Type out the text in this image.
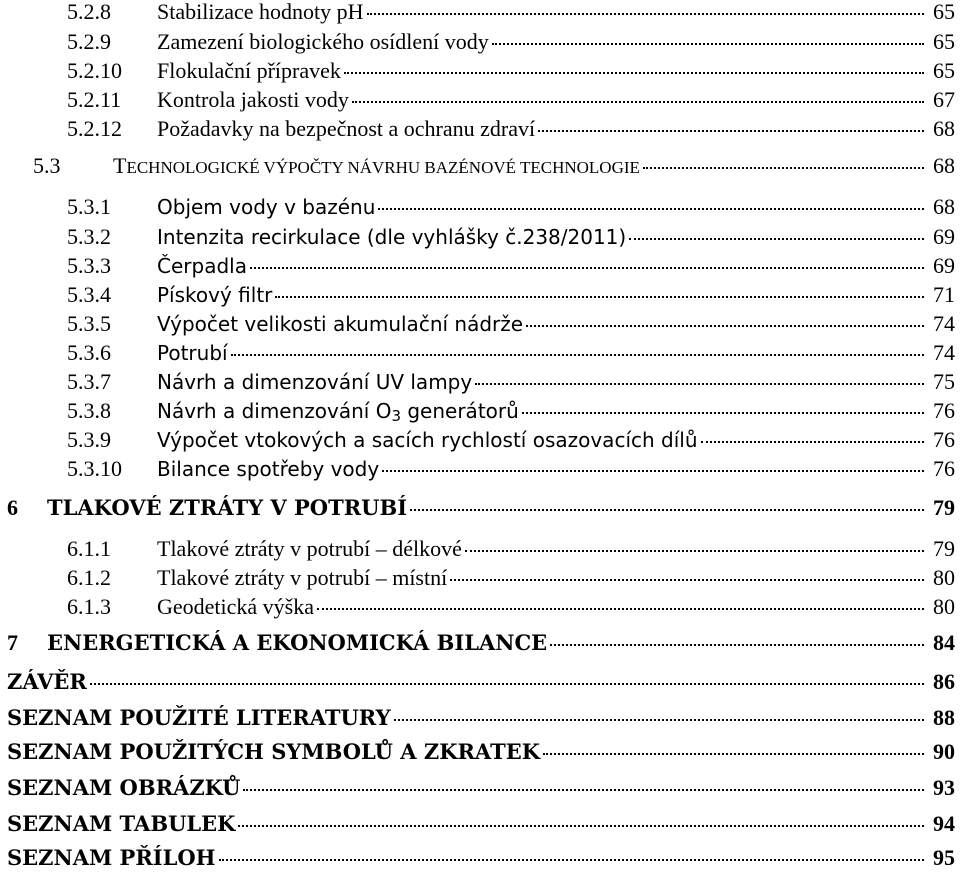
5.2.8	Stabilizace hodnoty pH	65
5.2.9	Zamezení biologického osídlení vody	65
5.2.10	Flokulační přípravek	65
5.2.11	Kontrola jakosti vody	67
5.2.12	Požadavky na bezpečnost a ochranu zdraví	68
5.3	TECHNOLOGICKÉ VÝPOČTY NÁVRHU BAZÉNOVÉ TECHNOLOGIE	68
5.3.1	Objem vody v bazénu	68
5.3.2	Intenzita recirkulace (dle vyhlášky č.238/2011)	69
5.3.3	Čerpadla	69
5.3.4	Pískový filtr	71
5.3.5	Výpočet velikosti akumulační nádrže	74
5.3.6	Potrubí	74
5.3.7	Návrh a dimenzování UV lampy	75
5.3.8	Návrh a dimenzování $O_3$ generátorů	76
5.3.9	Výpočet vtokových a sacích rychlostí osazovacích dílů	76
5.3.10	Bilance spotřeby vody	76
6	TLAKOVÉ ZTRÁTY V POTRUBÍ	79
6.1.1	Tlakové ztráty v potrubí – délkové	79
6.1.2	Tlakové ztráty v potrubí – místní	80
6.1.3	Geodetická výška	80
7	ENERGETICKÁ A EKONOMICKÁ BILANCE	84
ZÁVĚR	86
SEZNAM POUŽITÉ LITERATURY	88
SEZNAM POUŽITÝCH SYMBOLŮ A ZKRATEK	90
SEZNAM OBRÁZKŮ	93
SEZNAM TABULEK	94
SEZNAM PŘÍLOH	95
